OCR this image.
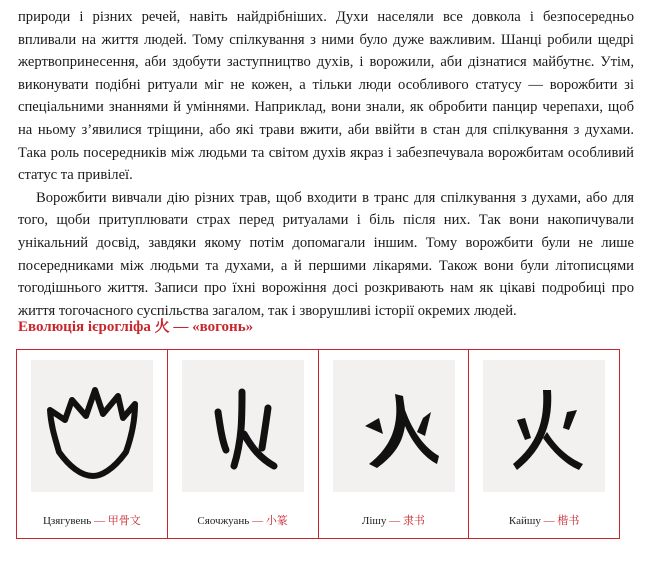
природи і різних речей, навіть найдрібніших. Духи населяли все довкола і безпосередньо впливали на життя людей. Тому спілкування з ними було дуже важливим. Шанці робили щедрі жертвопринесення, аби здобути заступництво духів, і ворожили, аби дізнатися майбутнє. Утім, виконувати подібні ритуали міг не кожен, а тільки люди особливого статусу — ворожбити зі спеціальними знаннями й уміннями. Наприклад, вони знали, як обробити панцир черепахи, щоб на ньому з’явилися тріщини, або які трави вжити, аби ввійти в стан для спілкування з духами. Така роль посередників між людьми та світом духів якраз і забезпечувала ворожбитам особливий статус та привілеї.

Ворожбити вивчали дію різних трав, щоб входити в транс для спілкування з духами, або для того, щоби притуплювати страх перед ритуалами і біль після них. Так вони накопичували унікальний досвід, завдяки якому потім допомагали іншим. Тому ворожбити були не лише посередниками між людьми та духами, а й першими лікарями. Також вони були літописцями тогодішнього життя. Записи про їхні ворожіння досі розкривають нам як цікаві подробиці про життя тогочасного суспільства загалом, так і зворушливі історії окремих людей.

Еволюція ієрогліфа 火 — «вогонь»
Цзягувень — 甲骨文	Сяочжуань — 小篆	Лішу — 隶书	Кайшу — 楷书
